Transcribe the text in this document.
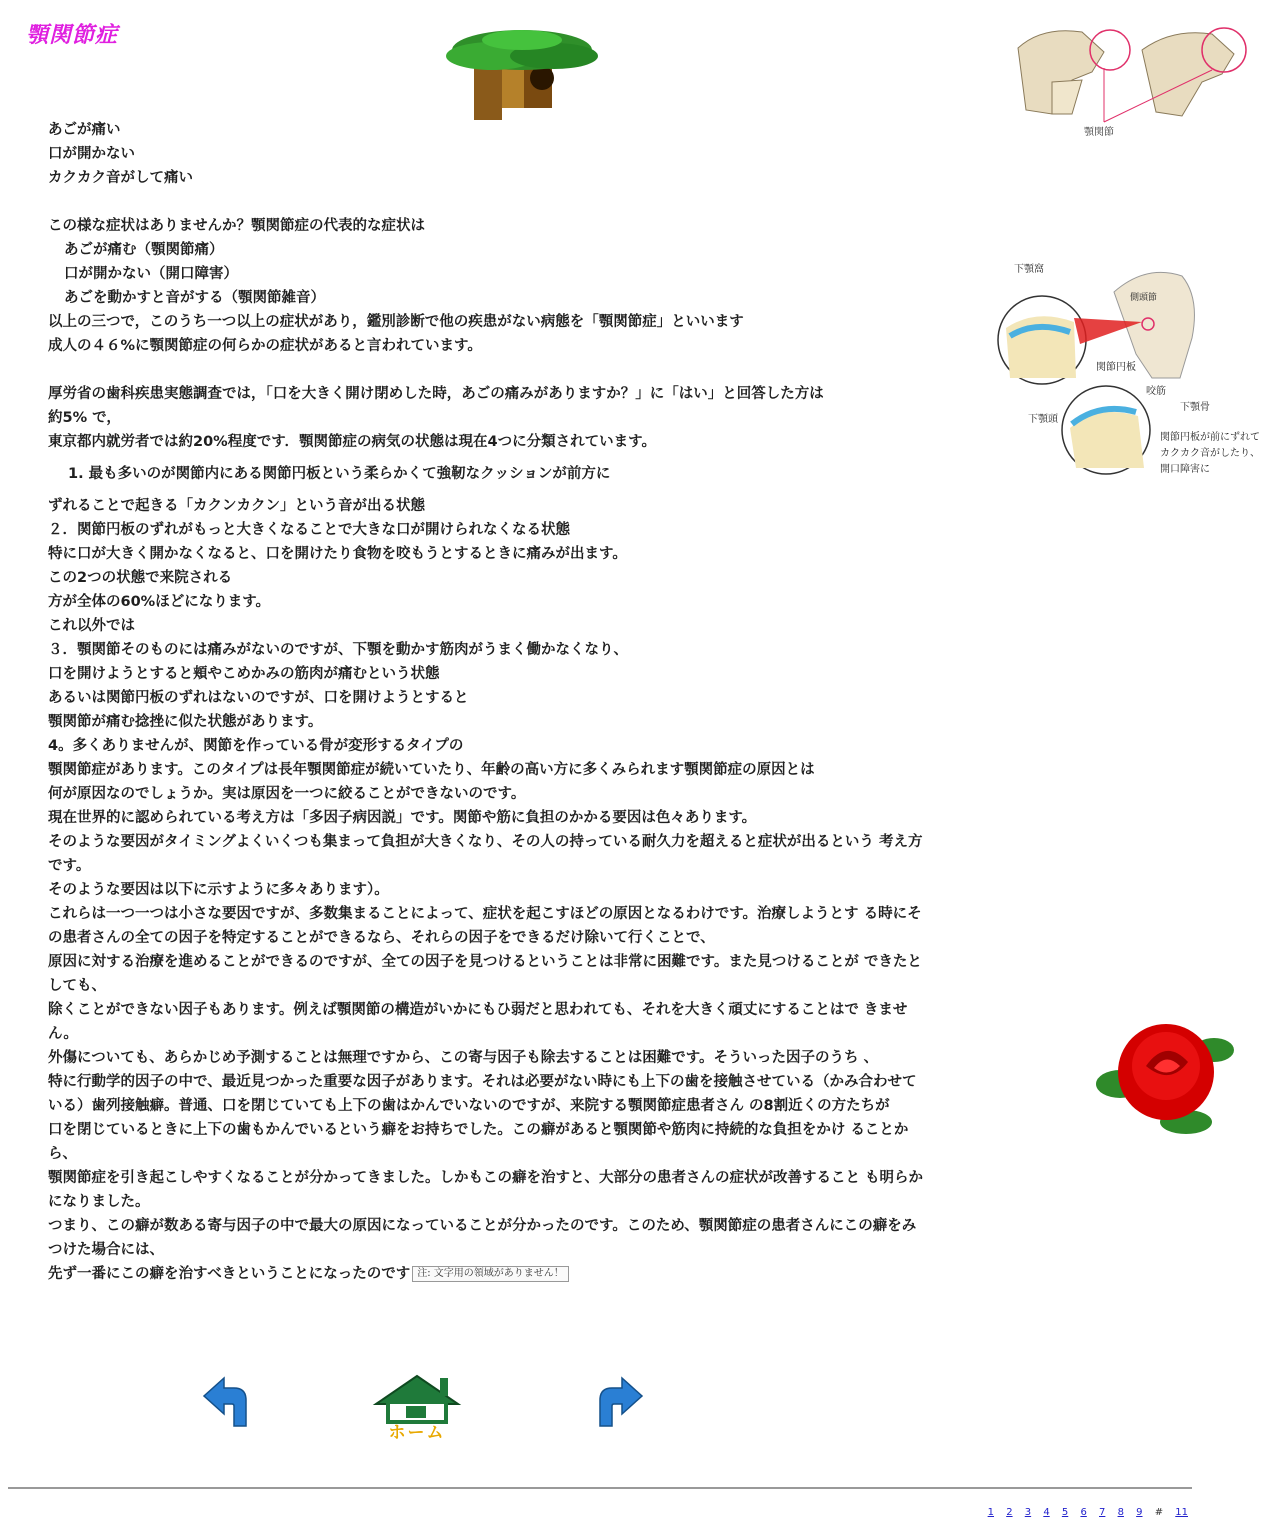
顎関節症
顎関節
下顎窩
側頭節
関節円板
咬筋
下顎頭
下顎骨
関節円板が前にずれて
カクカク音がしたり、
開口障害に
あごが痛い
口が開かない
カクカク音がして痛い
この様な症状はありませんか？顎関節症の代表的な症状は
あごが痛む（顎関節痛）
口が開かない（開口障害）
あごを動かすと音がする（顎関節雑音）
以上の三つで，このうち一つ以上の症状があり，鑑別診断で他の疾患がない病態を「顎関節症」といいます
成人の４６%に顎関節症の何らかの症状があると言われています。
厚労省の歯科疾患実態調査では，「口を大きく開け閉めした時，あごの痛みがありますか？」に「はい」と回答した方は
約5% で，
東京都内就労者では約20%程度です．顎関節症の病気の状態は現在4つに分類されています。
1. 最も多いのが関節内にある関節円板という柔らかくて強靭なクッションが前方に
ずれることで起きる「カクンカクン」という音が出る状態
２．関節円板のずれがもっと大きくなることで大きな口が開けられなくなる状態
特に口が大きく開かなくなると、口を開けたり食物を咬もうとするときに痛みが出ます。
この2つの状態で来院される
方が全体の60%ほどになります。
これ以外では
３．顎関節そのものには痛みがないのですが、下顎を動かす筋肉がうまく働かなくなり、
口を開けようとすると頬やこめかみの筋肉が痛むという状態
あるいは関節円板のずれはないのですが、口を開けようとすると
顎関節が痛む捻挫に似た状態があります。
4。多くありませんが、関節を作っている骨が変形するタイプの
顎関節症があります。このタイプは長年顎関節症が続いていたり、年齢の高い方に多くみられます顎関節症の原因とは
何が原因なのでしょうか。実は原因を一つに絞ることができないのです。
現在世界的に認められている考え方は「多因子病因説」です。関節や筋に負担のかかる要因は色々あります。
そのような要因がタイミングよくいくつも集まって負担が大きくなり、その人の持っている耐久力を超えると症状が出るという 考え方です。
そのような要因は以下に示すように多々あります）。
これらは一つ一つは小さな要因ですが、多数集まることによって、症状を起こすほどの原因となるわけです。治療しようとす る時にその患者さんの全ての因子を特定することができるなら、それらの因子をできるだけ除いて行くことで、
原因に対する治療を進めることができるのですが、全ての因子を見つけるということは非常に困難です。また見つけることが できたとしても、
除くことができない因子もあります。例えば顎関節の構造がいかにもひ弱だと思われても、それを大きく頑丈にすることはで きません。
外傷についても、あらかじめ予測することは無理ですから、この寄与因子も除去することは困難です。そういった因子のうち 、
特に行動学的因子の中で、最近見つかった重要な因子があります。それは必要がない時にも上下の歯を接触させている（かみ合わせている）歯列接触癖。普通、口を閉じていても上下の歯はかんでいないのですが、来院する顎関節症患者さん の8割近くの方たちが
口を閉じているときに上下の歯もかんでいるという癖をお持ちでした。この癖があると顎関節や筋肉に持続的な負担をかけ ることから、
顎関節症を引き起こしやすくなることが分かってきました。しかもこの癖を治すと、大部分の患者さんの症状が改善すること も明らかになりました。
つまり、この癖が数ある寄与因子の中で最大の原因になっていることが分かったのです。このため、顎関節症の患者さんにこの癖をみつけた場合には、
先ず一番にこの癖を治すべきということになったのです 注: 文字用の領域がありません！
ホーム
1 2 3 4 5 6 7 8 9 # 11
